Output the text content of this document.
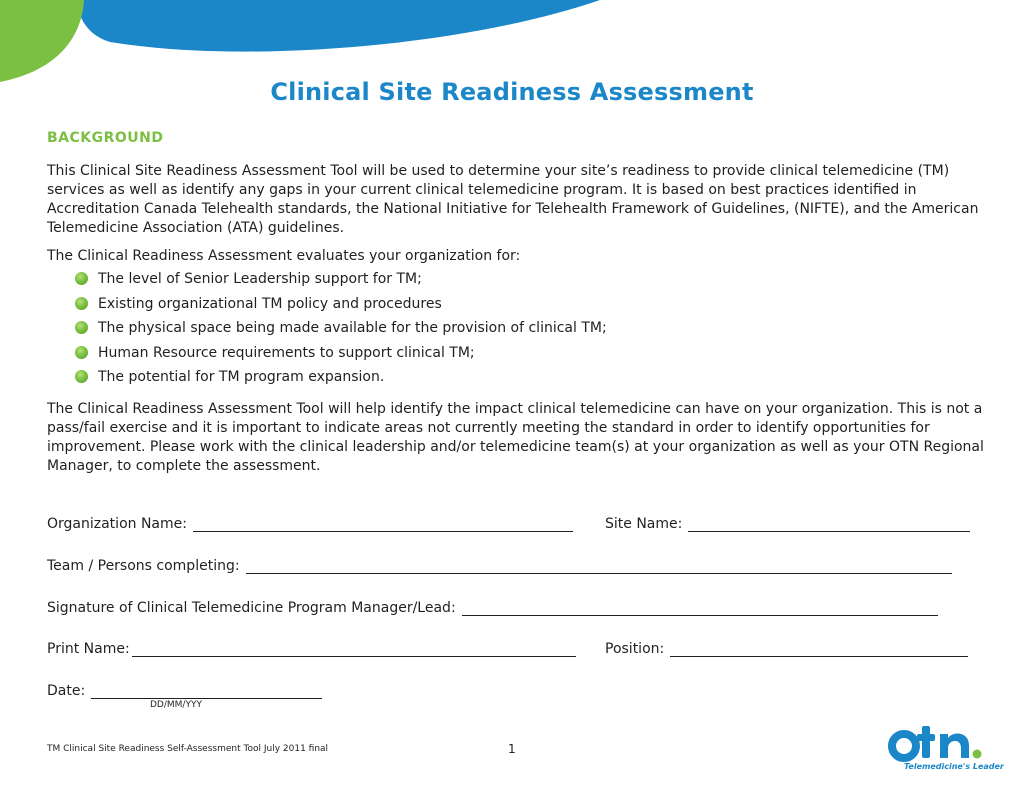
Clinical Site Readiness Assessment
BACKGROUND

This Clinical Site Readiness Assessment Tool will be used to determine your site’s readiness to provide clinical telemedicine (TM) services as well as identify any gaps in your current clinical telemedicine program. It is based on best practices identified in Accreditation Canada Telehealth standards, the National Initiative for Telehealth Framework of Guidelines, (NIFTE), and the American Telemedicine Association (ATA) guidelines.

The Clinical Readiness Assessment evaluates your organization for:

The level of Senior Leadership support for TM;
Existing organizational TM policy and procedures
The physical space being made available for the provision of clinical TM;
Human Resource requirements to support clinical TM;
The potential for TM program expansion.

The Clinical Readiness Assessment Tool will help identify the impact clinical telemedicine can have on your organization. This is not a pass/fail exercise and it is important to indicate areas not currently meeting the standard in order to identify opportunities for improvement. Please work with the clinical leadership and/or telemedicine team(s) at your organization as well as your OTN Regional Manager, to complete the assessment.

Organization Name:	Site Name:
Team / Persons completing:
Signature of Clinical Telemedicine Program Manager/Lead:
Print Name:	Position:
Date:
DD/MM/YYY
TM Clinical Site Readiness Self-Assessment Tool July 2011 final	1
Telemedicine's Leader
